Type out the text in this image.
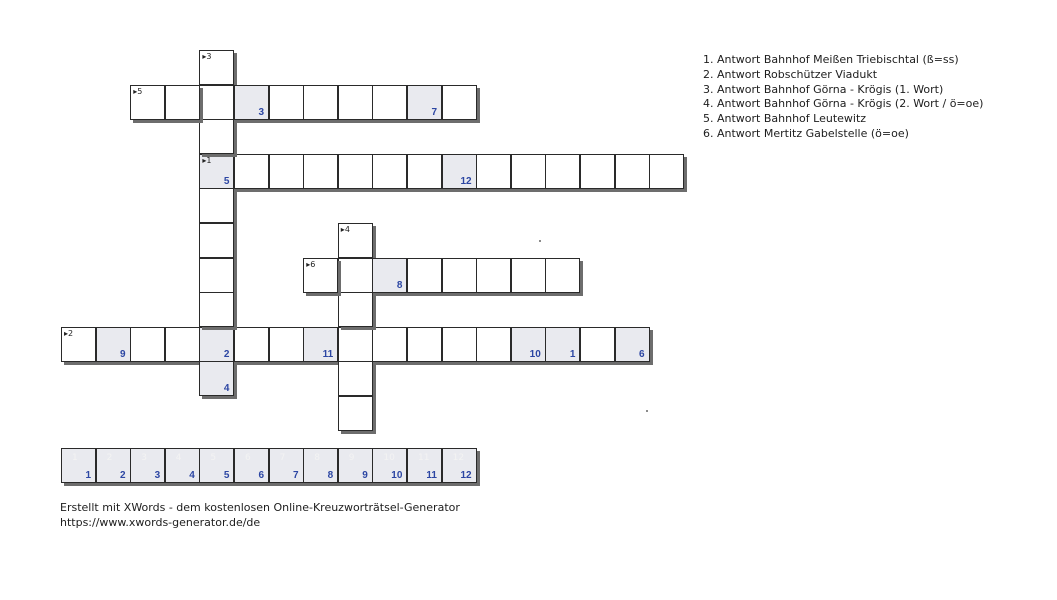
▸1
5	12
▸2
9	2	11	10	1	6
▸3
4
▸4
▸5
3	7
▸6
8
1
1
2
2
3
3
4
4
5
5
6
6
7
7
8
8
9
9
10
10
11
11
12
12
1. Antwort Bahnhof Meißen Triebischtal (ß=ss)
2. Antwort Robschützer Viadukt
3. Antwort Bahnhof Görna - Krögis (1. Wort)
4. Antwort Bahnhof Görna - Krögis (2. Wort / ö=oe)
5. Antwort Bahnhof Leutewitz
6. Antwort Mertitz Gabelstelle (ö=oe)
Erstellt mit XWords - dem kostenlosen Online-Kreuzworträtsel-Generator
https://www.xwords-generator.de/de
